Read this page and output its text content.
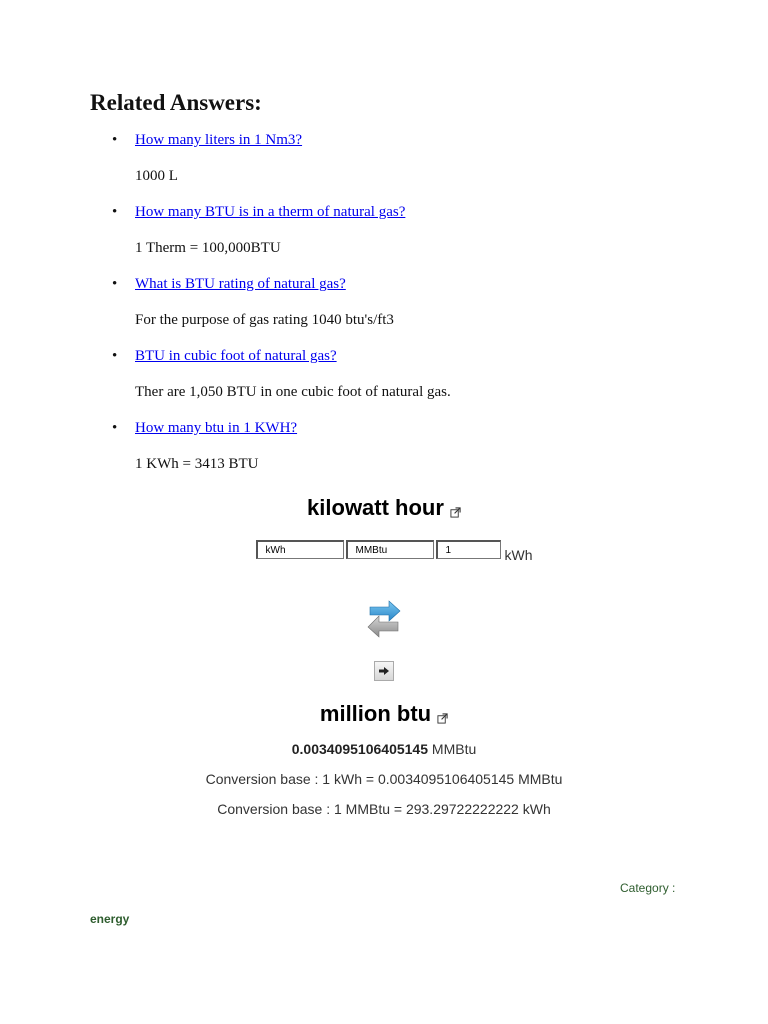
Related Answers:
• How many liters in 1 Nm3?
1000 L
• How many BTU is in a therm of natural gas?
1 Therm = 100,000BTU
• What is BTU rating of natural gas?
For the purpose of gas rating 1040 btu's/ft3
• BTU in cubic foot of natural gas?
Ther are 1,050 BTU in one cubic foot of natural gas.
• How many btu in 1 KWH?
1 KWh = 3413 BTU
kilowatt hour
kWh
MMBtu
1
kWh
million btu
0.0034095106405145 MMBtu
Conversion base : 1 kWh = 0.0034095106405145 MMBtu
Conversion base : 1 MMBtu = 293.29722222222 kWh
Category :
energy
